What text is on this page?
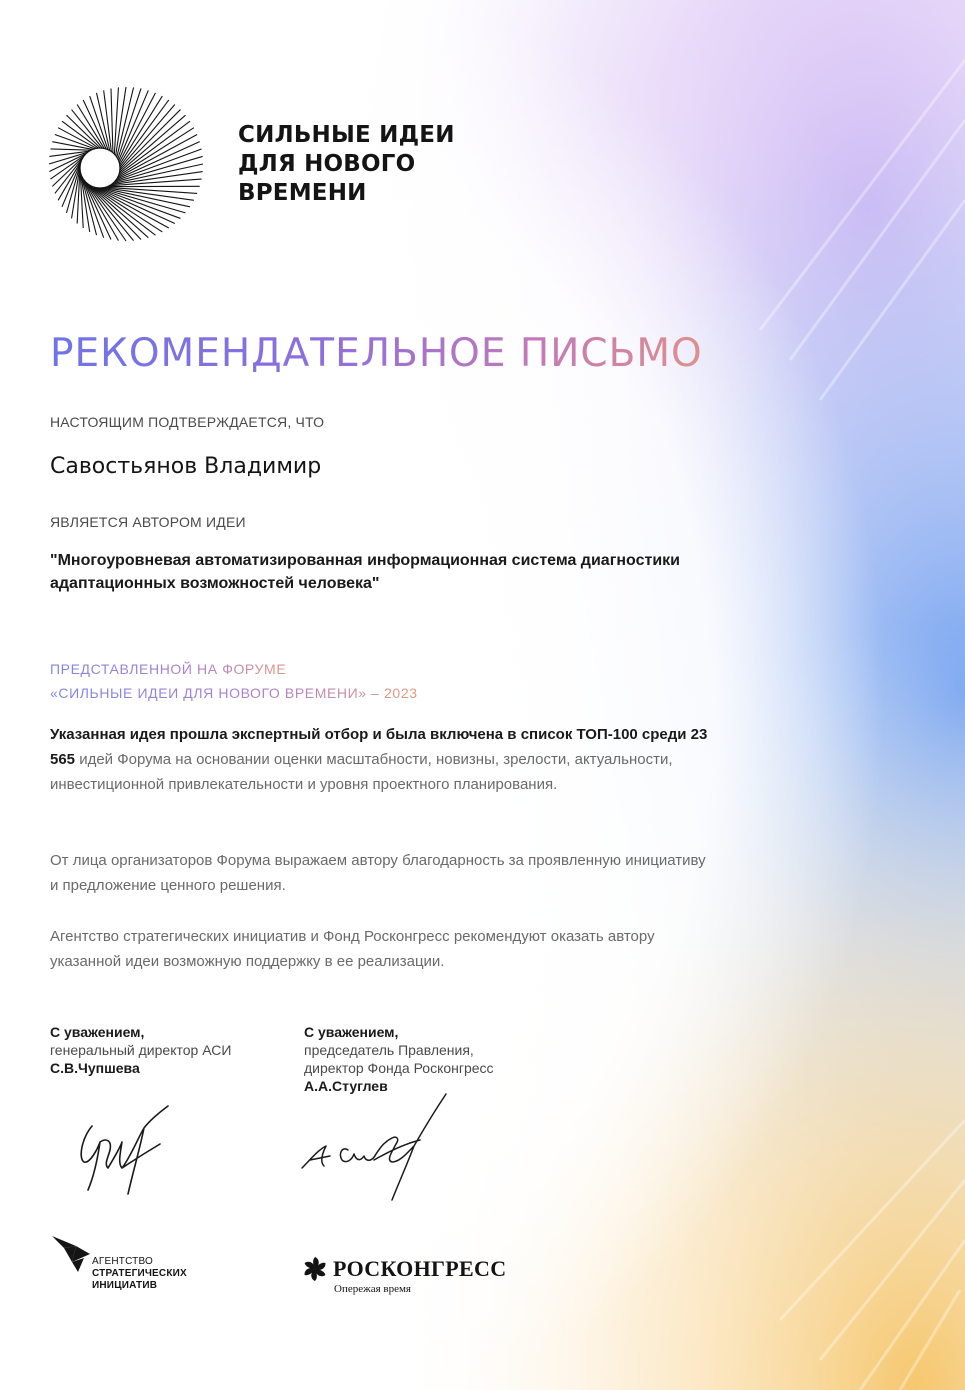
СИЛЬНЫЕ ИДЕИ
ДЛЯ НОВОГО
ВРЕМЕНИ
РЕКОМЕНДАТЕЛЬНОЕ ПИСЬМО
НАСТОЯЩИМ ПОДТВЕРЖДАЕТСЯ, ЧТО
Савостьянов Владимир
ЯВЛЯЕТСЯ АВТОРОМ ИДЕИ
"Многоуровневая автоматизированная информационная система диагностики адаптационных возможностей человека"
ПРЕДСТАВЛЕННОЙ НА ФОРУМЕ
«СИЛЬНЫЕ ИДЕИ ДЛЯ НОВОГО ВРЕМЕНИ» – 2023
Указанная идея прошла экспертный отбор и была включена в список ТОП-100 среди 23 565 идей Форума на основании оценки масштабности, новизны, зрелости, актуальности, инвестиционной привлекательности и уровня проектного планирования.
От лица организаторов Форума выражаем автору благодарность за проявленную инициативу и предложение ценного решения.
Агентство стратегических инициатив и Фонд Росконгресс рекомендуют оказать автору указанной идеи возможную поддержку в ее реализации.
С уважением,
генеральный директор АСИ
С.В.Чупшева
С уважением,
председатель Правления,
директор Фонда Росконгресс
А.А.Стуглев
АГЕНТСТВО
СТРАТЕГИЧЕСКИХ
ИНИЦИАТИВ
РОСКОНГРЕСС
Опережая время
